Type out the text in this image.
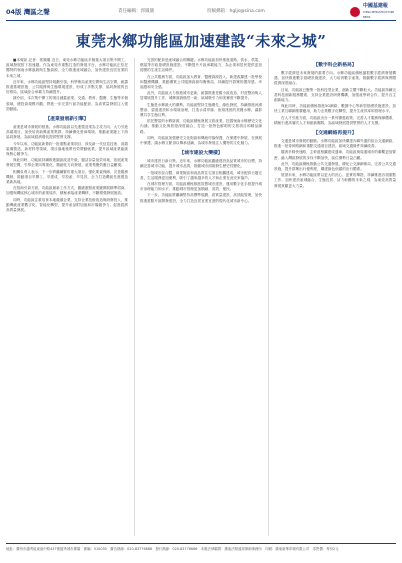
04版 灣區之聲	責任編輯：郭鳳儀	投稿郵箱：hgljs@sina.com
中國基建報
CHINA INFRASTRUCTURE NEWS
東莞水鄉功能區加速建設“未來之城”

■本報訊 記者：郭鳳儀 近日，東莞水鄉功能區多個重大項目集中開工，區域發展按下加速鍵。作為東莞市重點打造的發展平台，水鄉功能區正依托獨特的嶺南水鄉風貌與生態資源，全力推進產城融合，加快建設宜居宜業的未來之城。

近年來，水鄉功能區堅持規劃引領，科學佈局產業空間與生活空間，統籌推進基礎設施、公共服務與生態環境建設，形成了多點支撐、協同發展的良好格局，區域綜合承載力持續提升。

據介紹，本次集中開工的項目涵蓋產業、交通、教育、醫療、生態等多個領域，總投資規模可觀，將進一步完善片區功能配套，為高質量發展注入強勁動能。

【產業發展新引擎】

產業是城市發展的根基。水鄉功能區以先進製造業為主攻方向，大力引進高端項目，加快培育新興產業集群，持續優化營商環境，推動產業鏈上下游協同發展，為區域經濟增長提供堅實支撐。

今年以來，功能區新簽約一批重點產業項目，涉及新一代信息技術、高端裝備製造、新材料等領域，項目落地後將有效帶動就業，提升區域產業能級與核心競爭力。

與此同時，功能區持續推進園區改造升級，盤活存量低效用地，拓展產業發展空間，引導企業向專業化、精細化方向發展，產業集聚效應日益顯現。

相關負責人表示，下一步將繼續緊盯重大項目，強化要素保障，完善服務機制，推動項目早開工、早建成、早投產、早見效，全力打造灣區先進製造業新高地。

在招商引資方面，功能區創新工作方式，圍繞重點產業鏈開展精準招商，加強與灣區核心城市的產業協作，積極承接產業轉移，不斷增強發展後勁。

同時，功能區注重培育本地龍頭企業，支持企業技術改造與研發投入，推動傳統產業數字化、智能化轉型，提升產品附加值和市場競爭力，促進經濟高質量發展。

完善的配套是產城融合的關鍵。水鄉功能區加快推進道路、供水、供電、燃氣等市政基礎設施建設，不斷提升片區承載能力，為企業和居民提供更加便捷的生產生活條件。

在公共服務方面，功能區加大教育、醫療資源投入，新建改擴建一批學校和醫療機構，推動優質公共服務資源均衡佈局，持續提升群眾的獲得感、幸福感和安全感。

此外，功能區大力推進城市更新，統籌推進老舊小區改造、村莊整治與人居環境提升工作，城鄉面貌煥然一新，區域吸引力和美譽度不斷提升。

生態是水鄉最大的優勢。功能區堅持生態優先、綠色發展，持續推進河湧整治、碧道建設和水環境治理，打造水清岸綠、魚翔淺底的美麗水鄉，讓群眾共享生態紅利。

依托豐富的水鄉資源，功能區積極發展文旅產業，挖掘嶺南水鄉歷史文化內涵，推動文化與旅遊深度融合，打造一批特色鮮明的文旅項目和精品線路。

同時，功能區加強歷史文化街區和傳統村落保護，在保護中發展、在發展中保護，讓水鄉文脈得以傳承延續，為城市發展注入獨特的文化魅力。

【城市建設大變樣】

城市建設日新月異。近年來，水鄉功能區圍繞建設高品質城市的目標，持續完善城市功能，提升城市品質，推動城市面貌發生歷史性變化。

一批城市綜合體、商業街區和高品質住宅項目相繼建成，城市配套日趨完善，生活服務更加便利，吸引了越來越多的人才和企業在此安家落戶。

在城市管理方面，功能區積極推進智慧城市建設，運用數字化手段提升城市治理能力和水平，推動城市管理更加精細、高效、便民。

下一步，功能區將繼續堅持高標準規劃、高質量建設、高效能管理，加快推進重點片區開發建設，全力打造宜居宜業宜遊的現代化城市新中心。

【數字科企新格局】

數字經濟是未來發展的重要方向。水鄉功能區積極搶抓數字經濟發展機遇，加快推進數字基礎設施建設，大力培育數字產業，推動數字經濟與實體經濟深度融合。

目前，功能區已聚集一批科技型企業，創新主體不斷壯大。功能區持續完善科技創新服務體系，支持企業建設研發機構，加強產學研合作，提升自主創新能力。

與此同時，功能區積極推進5G網絡、數據中心等新型基礎設施建設，加快工業互聯網推廣應用，助力企業數字化轉型，提升生產效率和管理水平。

在人才引進方面，功能區出台一系列優惠政策，完善人才服務保障體系，積極引進高層次人才和創新團隊，為區域發展提供堅實的人才支撐。

【交通網絡再提升】

交通是城市發展的動脈。水鄉功能區加快構建內聯外通的綜合交通網絡，推進一批骨幹路網和重點交通項目建設，區域交通條件持續改善。

隨著多條快速路、主幹道相繼建成通車，功能區與周邊城市的聯繫更加緊密，融入灣區發展的步伐不斷加快，區位優勢日益凸顯。

此外，功能區積極推動公共交通發展，優化公交線網佈局，完善公共交通設施，提升群眾出行便利度，構建綠色低碳的出行體系。

展望未來，水鄉功能區將以更大的決心、更實的舉措，持續推進各項重點工作，加快建設產城融合、生態宜居、活力彰顯的未來之城，為東莞高質量發展貢獻更大力量。

地址：廣州市越秀區東風中路437號越秀城市廣場　郵編：510030　廣告熱線：020-83776888　發行熱線：020-83776666　本報法律顧問：廣東法制盛邦律師事務所　印刷：廣東新華印刷有限公司　零售價：每份2元
